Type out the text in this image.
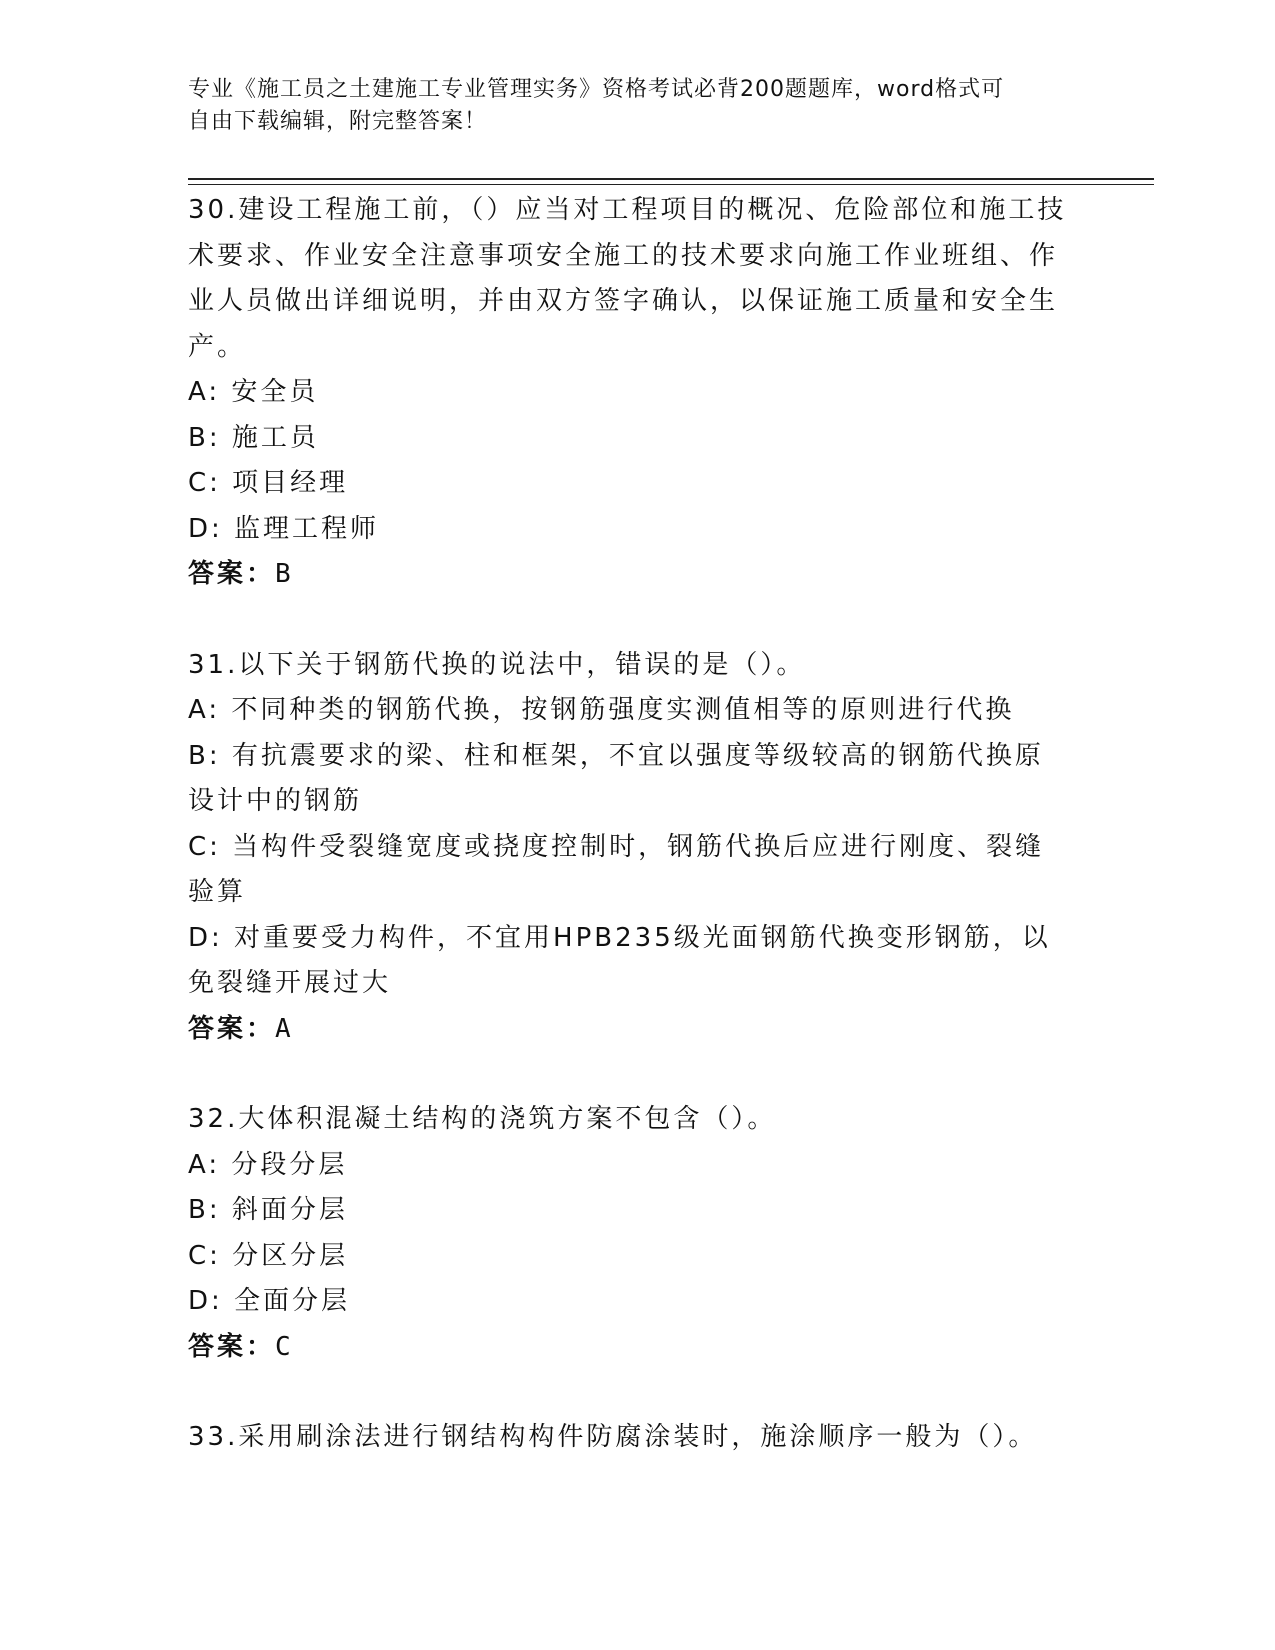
专业《施工员之土建施工专业管理实务》资格考试必背200题题库，word格式可
自由下载编辑，附完整答案！

30.建设工程施工前，（）应当对工程项目的概况、危险部位和施工技术要求、作业安全注意事项安全施工的技术要求向施工作业班组、作业人员做出详细说明，并由双方签字确认，以保证施工质量和安全生产。

A: 安全员

B: 施工员

C: 项目经理

D: 监理工程师

答案：B

31.以下关于钢筋代换的说法中，错误的是（）。

A: 不同种类的钢筋代换，按钢筋强度实测值相等的原则进行代换

B: 有抗震要求的梁、柱和框架，不宜以强度等级较高的钢筋代换原设计中的钢筋

C: 当构件受裂缝宽度或挠度控制时，钢筋代换后应进行刚度、裂缝验算

D: 对重要受力构件，不宜用HPB235级光面钢筋代换变形钢筋，以免裂缝开展过大

答案：A

32.大体积混凝土结构的浇筑方案不包含（）。

A: 分段分层

B: 斜面分层

C: 分区分层

D: 全面分层

答案：C

33.采用刷涂法进行钢结构构件防腐涂装时，施涂顺序一般为（）。
